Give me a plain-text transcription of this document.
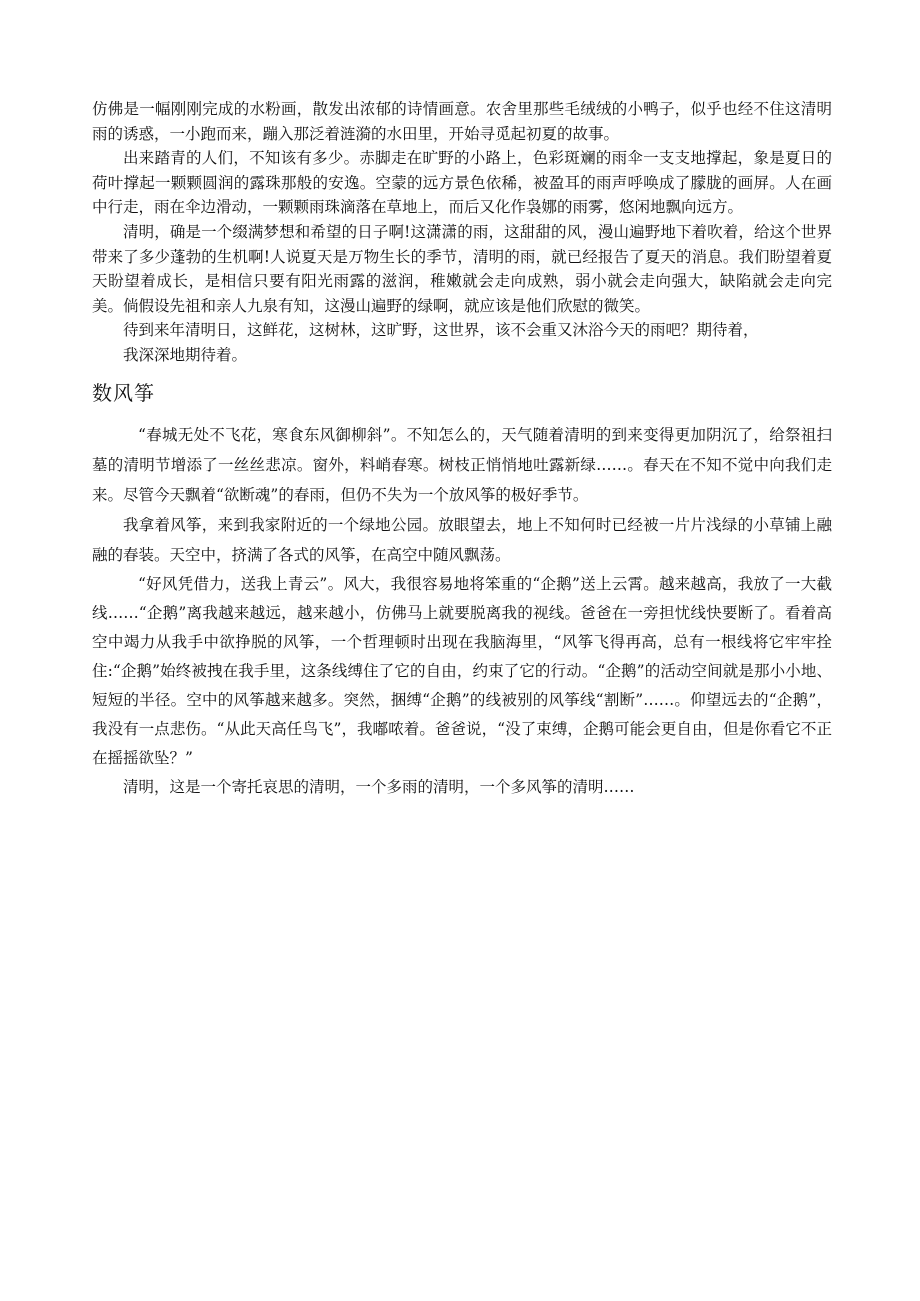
仿佛是一幅刚刚完成的水粉画，散发出浓郁的诗情画意。农舍里那些毛绒绒的小鸭子，似乎也经不住这清明雨的诱惑，一小跑而来，蹦入那泛着涟漪的水田里，开始寻觅起初夏的故事。

出来踏青的人们，不知该有多少。赤脚走在旷野的小路上，色彩斑斓的雨伞一支支地撑起，象是夏日的荷叶撑起一颗颗圆润的露珠那般的安逸。空蒙的远方景色依稀，被盈耳的雨声呼唤成了朦胧的画屏。人在画中行走，雨在伞边滑动，一颗颗雨珠滴落在草地上，而后又化作袅娜的雨雾，悠闲地飘向远方。

清明，确是一个缀满梦想和希望的日子啊!这潇潇的雨，这甜甜的风，漫山遍野地下着吹着，给这个世界带来了多少蓬勃的生机啊!人说夏天是万物生长的季节，清明的雨，就已经报告了夏天的消息。我们盼望着夏天盼望着成长，是相信只要有阳光雨露的滋润，稚嫩就会走向成熟，弱小就会走向强大，缺陷就会走向完美。倘假设先祖和亲人九泉有知，这漫山遍野的绿啊，就应该是他们欣慰的微笑。

待到来年清明日，这鲜花，这树林，这旷野，这世界，该不会重又沐浴今天的雨吧？期待着，

我深深地期待着。

数风筝

“春城无处不飞花，寒食东风御柳斜”。不知怎么的，天气随着清明的到来变得更加阴沉了，给祭祖扫墓的清明节增添了一丝丝悲凉。窗外，料峭春寒。树枝正悄悄地吐露新绿……。春天在不知不觉中向我们走来。尽管今天飘着“欲断魂”的春雨，但仍不失为一个放风筝的极好季节。

我拿着风筝，来到我家附近的一个绿地公园。放眼望去，地上不知何时已经被一片片浅绿的小草铺上融融的春装。天空中，挤满了各式的风筝，在高空中随风飘荡。

“好风凭借力，送我上青云”。风大，我很容易地将笨重的“企鹅”送上云霄。越来越高，我放了一大截线……“企鹅”离我越来越远，越来越小，仿佛马上就要脱离我的视线。爸爸在一旁担忧线快要断了。看着高空中竭力从我手中欲挣脱的风筝，一个哲理顿时出现在我脑海里，“风筝飞得再高，总有一根线将它牢牢拴住:“企鹅”始终被拽在我手里，这条线缚住了它的自由，约束了它的行动。“企鹅”的活动空间就是那小小地、短短的半径。空中的风筝越来越多。突然，捆缚“企鹅”的线被别的风筝线“割断”……。仰望远去的“企鹅”，我没有一点悲伤。“从此天高任鸟飞”，我嘟哝着。爸爸说，“没了束缚，企鹅可能会更自由，但是你看它不正在摇摇欲坠？”

清明，这是一个寄托哀思的清明，一个多雨的清明，一个多风筝的清明……
